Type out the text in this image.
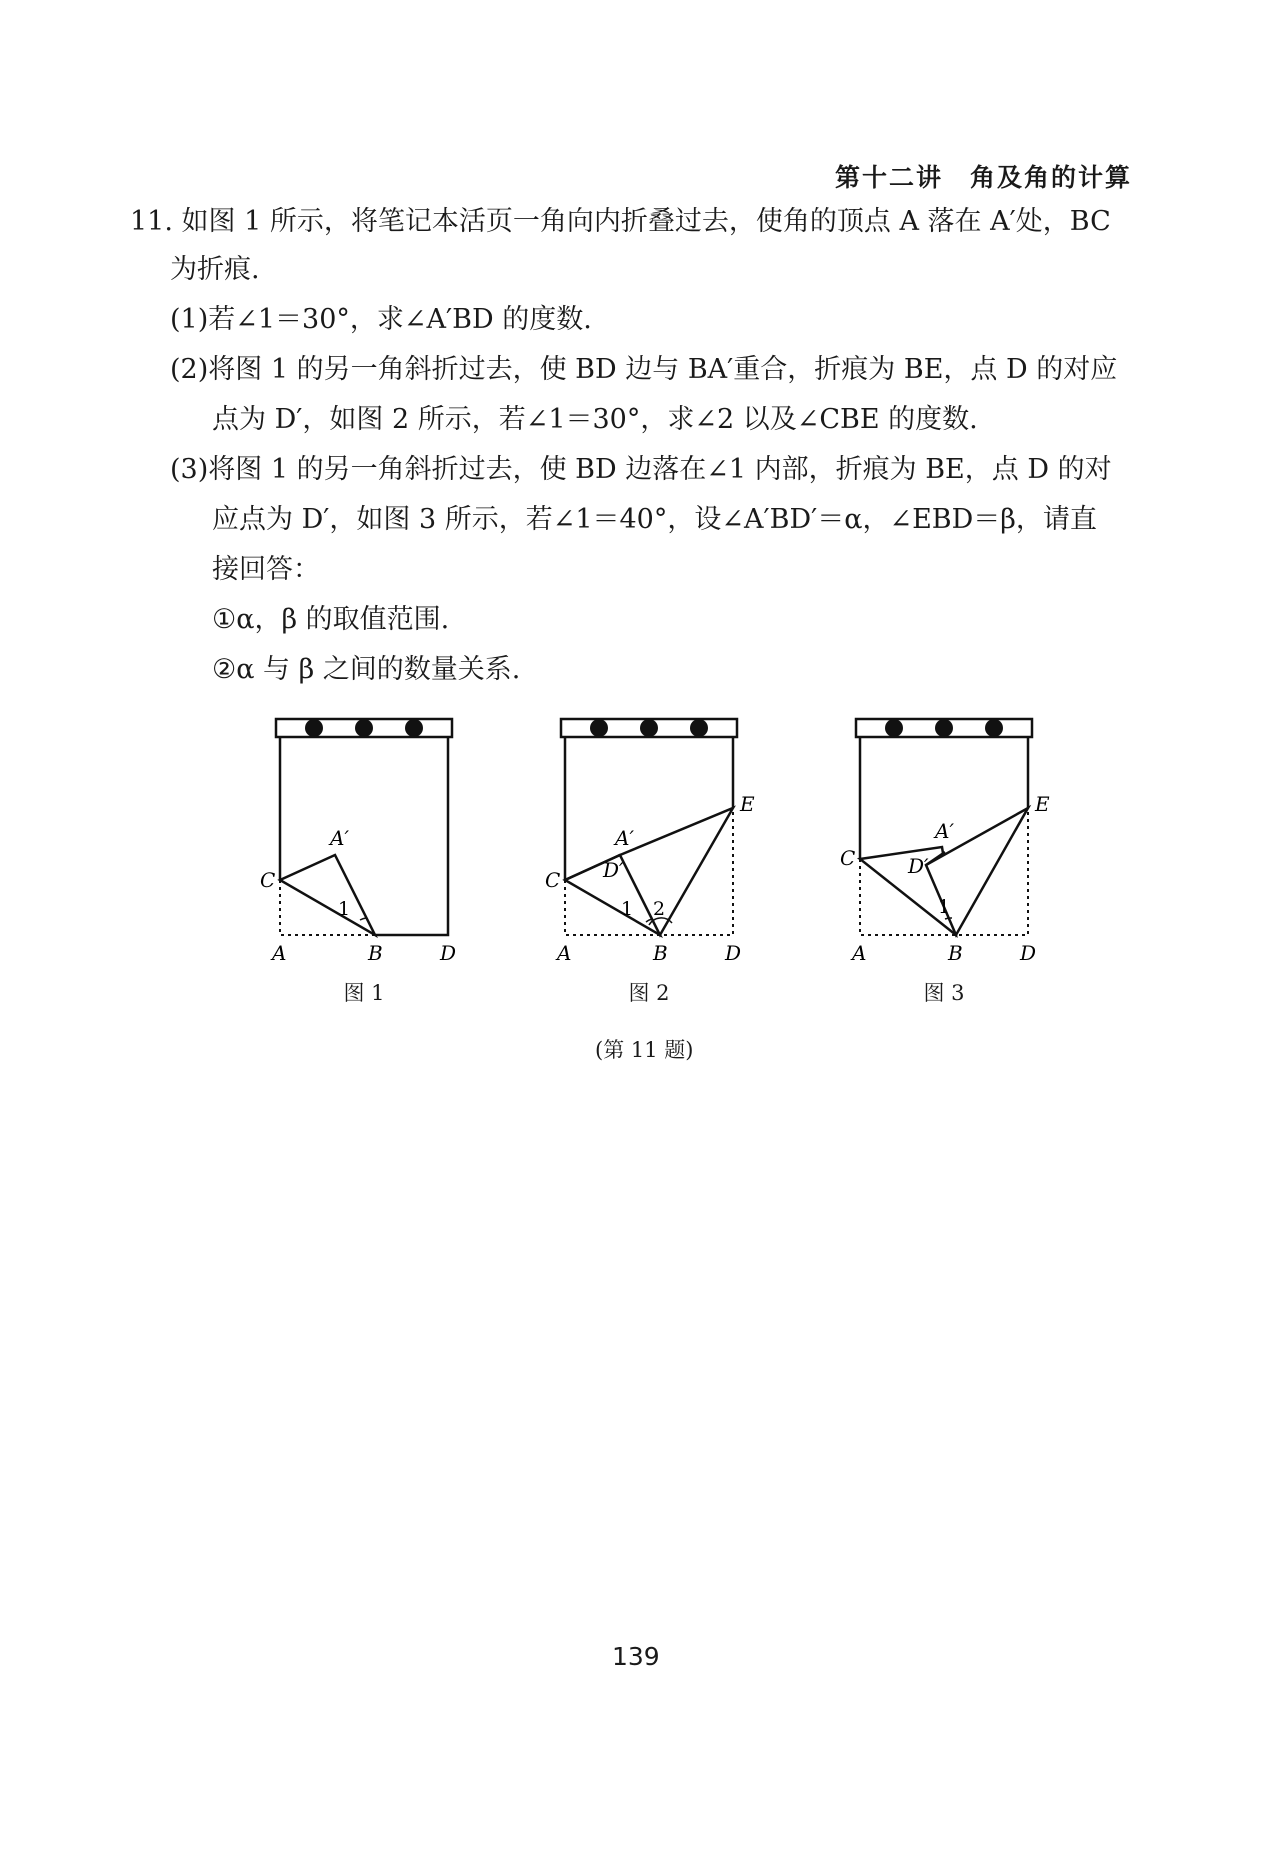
第十二讲　角及角的计算
11. 如图 1 所示，将笔记本活页一角向内折叠过去，使角的顶点 A 落在 A′处，BC
为折痕.
(1)若∠1＝30°，求∠A′BD 的度数.
(2)将图 1 的另一角斜折过去，使 BD 边与 BA′重合，折痕为 BE，点 D 的对应
点为 D′，如图 2 所示，若∠1＝30°，求∠2 以及∠CBE 的度数.
(3)将图 1 的另一角斜折过去，使 BD 边落在∠1 内部，折痕为 BE，点 D 的对
应点为 D′，如图 3 所示，若∠1＝40°，设∠A′BD′＝α，∠EBD＝β，请直
接回答：
①α，β 的取值范围.
②α 与 β 之间的数量关系.
A′
C
A	B	D
1
图 1
A′
D′
C
E
A	B	D
1 2
图 2
A′
D′
C
E
A	B	D
1
图 3
(第 11 题)
139
